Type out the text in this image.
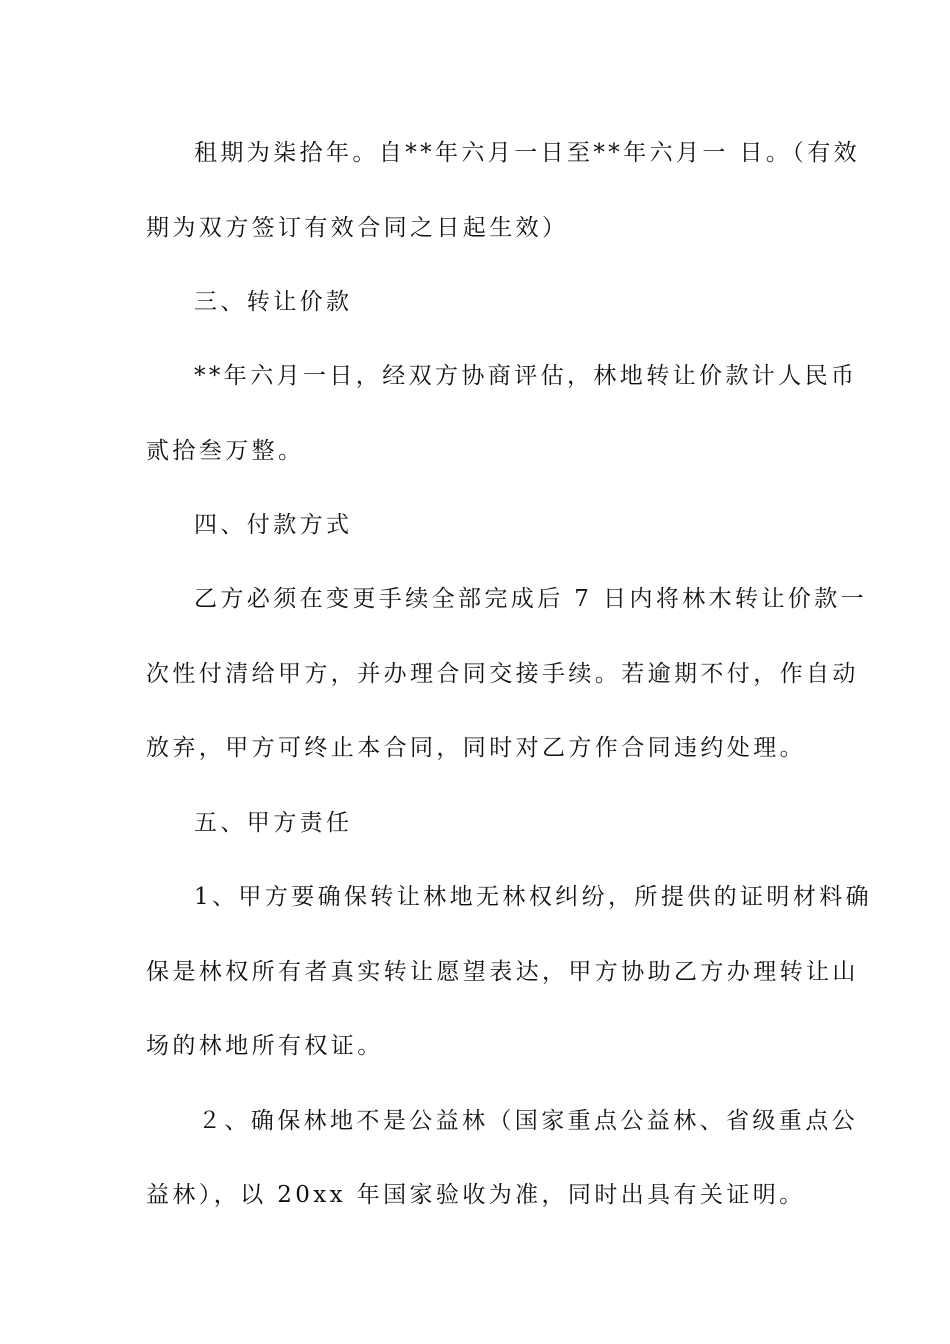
租期为柒拾年。自**年六月一日至**年六月一 日。（有效
期为双方签订有效合同之日起生效）
三、转让价款
**年六月一日，经双方协商评估，林地转让价款计人民币
贰拾叁万整。
四、付款方式
乙方必须在变更手续全部完成后 7 日内将林木转让价款一
次性付清给甲方，并办理合同交接手续。若逾期不付，作自动
放弃，甲方可终止本合同，同时对乙方作合同违约处理。
五、甲方责任
1、甲方要确保转让林地无林权纠纷，所提供的证明材料确
保是林权所有者真实转让愿望表达，甲方协助乙方办理转让山
场的林地所有权证。
２、确保林地不是公益林（国家重点公益林、省级重点公
益林），以 20xx 年国家验收为准，同时出具有关证明。
